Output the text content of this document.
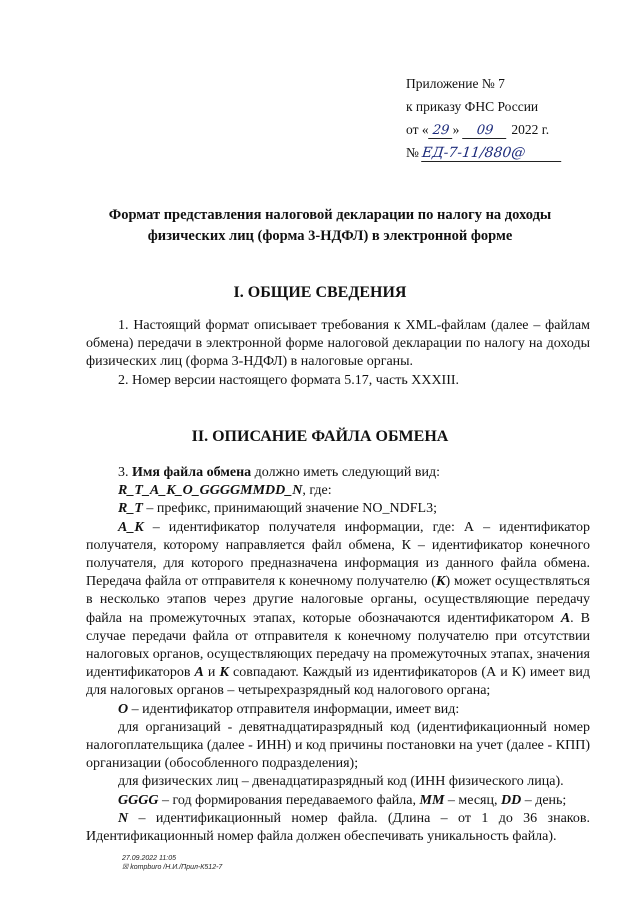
Приложение № 7
к приказу ФНС России
от « 29 » 09 2022 г.
№ ЕД-7-11/880@
Формат представления налоговой декларации по налогу на доходы физических лиц (форма 3-НДФЛ) в электронной форме
I. ОБЩИЕ СВЕДЕНИЯ

1. Настоящий формат описывает требования к XML-файлам (далее – файлам обмена) передачи в электронной форме налоговой декларации по налогу на доходы физических лиц (форма 3-НДФЛ) в налоговые органы.

2. Номер версии настоящего формата 5.17, часть XXXIII.

II. ОПИСАНИЕ ФАЙЛА ОБМЕНА

3. Имя файла обмена должно иметь следующий вид:

R_T_A_K_O_GGGGMMDD_N, где:

R_T – префикс, принимающий значение NO_NDFL3;

A_K – идентификатор получателя информации, где: А – идентификатор получателя, которому направляется файл обмена, К – идентификатор конечного получателя, для которого предназначена информация из данного файла обмена. Передача файла от отправителя к конечному получателю (К) может осуществляться в несколько этапов через другие налоговые органы, осуществляющие передачу файла на промежуточных этапах, которые обозначаются идентификатором А. В случае передачи файла от отправителя к конечному получателю при отсутствии налоговых органов, осуществляющих передачу на промежуточных этапах, значения идентификаторов А и К совпадают. Каждый из идентификаторов (А и К) имеет вид для налоговых органов – четырехразрядный код налогового органа;

O – идентификатор отправителя информации, имеет вид:

для организаций - девятнадцатиразрядный код (идентификационный номер налогоплательщика (далее - ИНН) и код причины постановки на учет (далее - КПП) организации (обособленного подразделения);

для физических лиц – двенадцатиразрядный код (ИНН физического лица).

GGGG – год формирования передаваемого файла, MM – месяц, DD – день;

N – идентификационный номер файла. (Длина – от 1 до 36 знаков. Идентификационный номер файла должен обеспечивать уникальность файла).

27.09.2022 11:05
☒ kompburo /Н.И./Прил-К512-7
